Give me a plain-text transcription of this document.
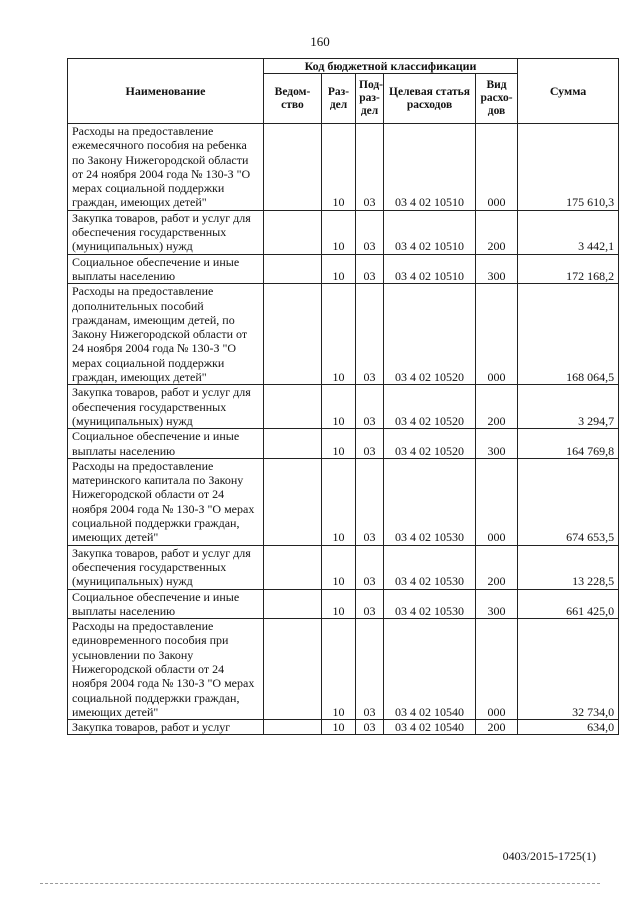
160
Наименование	Код бюджетной классификации					Сумма
	Ведом-ство	Раз-дел	Под-раз-дел	Целевая статья расходов	Вид расхо-дов	
Расходы на предоставление ежемесячного пособия на ребенка по Закону Нижегородской области от 24 ноября 2004 года № 130-З "О мерах социальной поддержки граждан, имеющих детей"		10	03	03 4 02 10510	000	175 610,3
Закупка товаров, работ и услуг для обеспечения государственных (муниципальных) нужд		10	03	03 4 02 10510	200	3 442,1
Социальное обеспечение и иные выплаты населению		10	03	03 4 02 10510	300	172 168,2
Расходы на предоставление дополнительных пособий гражданам, имеющим детей, по Закону Нижегородской области от 24 ноября 2004 года № 130-З "О мерах социальной поддержки граждан, имеющих детей"		10	03	03 4 02 10520	000	168 064,5
Закупка товаров, работ и услуг для обеспечения государственных (муниципальных) нужд		10	03	03 4 02 10520	200	3 294,7
Социальное обеспечение и иные выплаты населению		10	03	03 4 02 10520	300	164 769,8
Расходы на предоставление материнского капитала по Закону Нижегородской области от 24 ноября 2004 года № 130-З "О мерах социальной поддержки граждан, имеющих детей"		10	03	03 4 02 10530	000	674 653,5
Закупка товаров, работ и услуг для обеспечения государственных (муниципальных) нужд		10	03	03 4 02 10530	200	13 228,5
Социальное обеспечение и иные выплаты населению		10	03	03 4 02 10530	300	661 425,0
Расходы на предоставление единовременного пособия при усыновлении по Закону Нижегородской области от 24 ноября 2004 года № 130-З "О мерах социальной поддержки граждан, имеющих детей"		10	03	03 4 02 10540	000	32 734,0
Закупка товаров, работ и услуг		10	03	03 4 02 10540	200	634,0
0403/2015-1725(1)
